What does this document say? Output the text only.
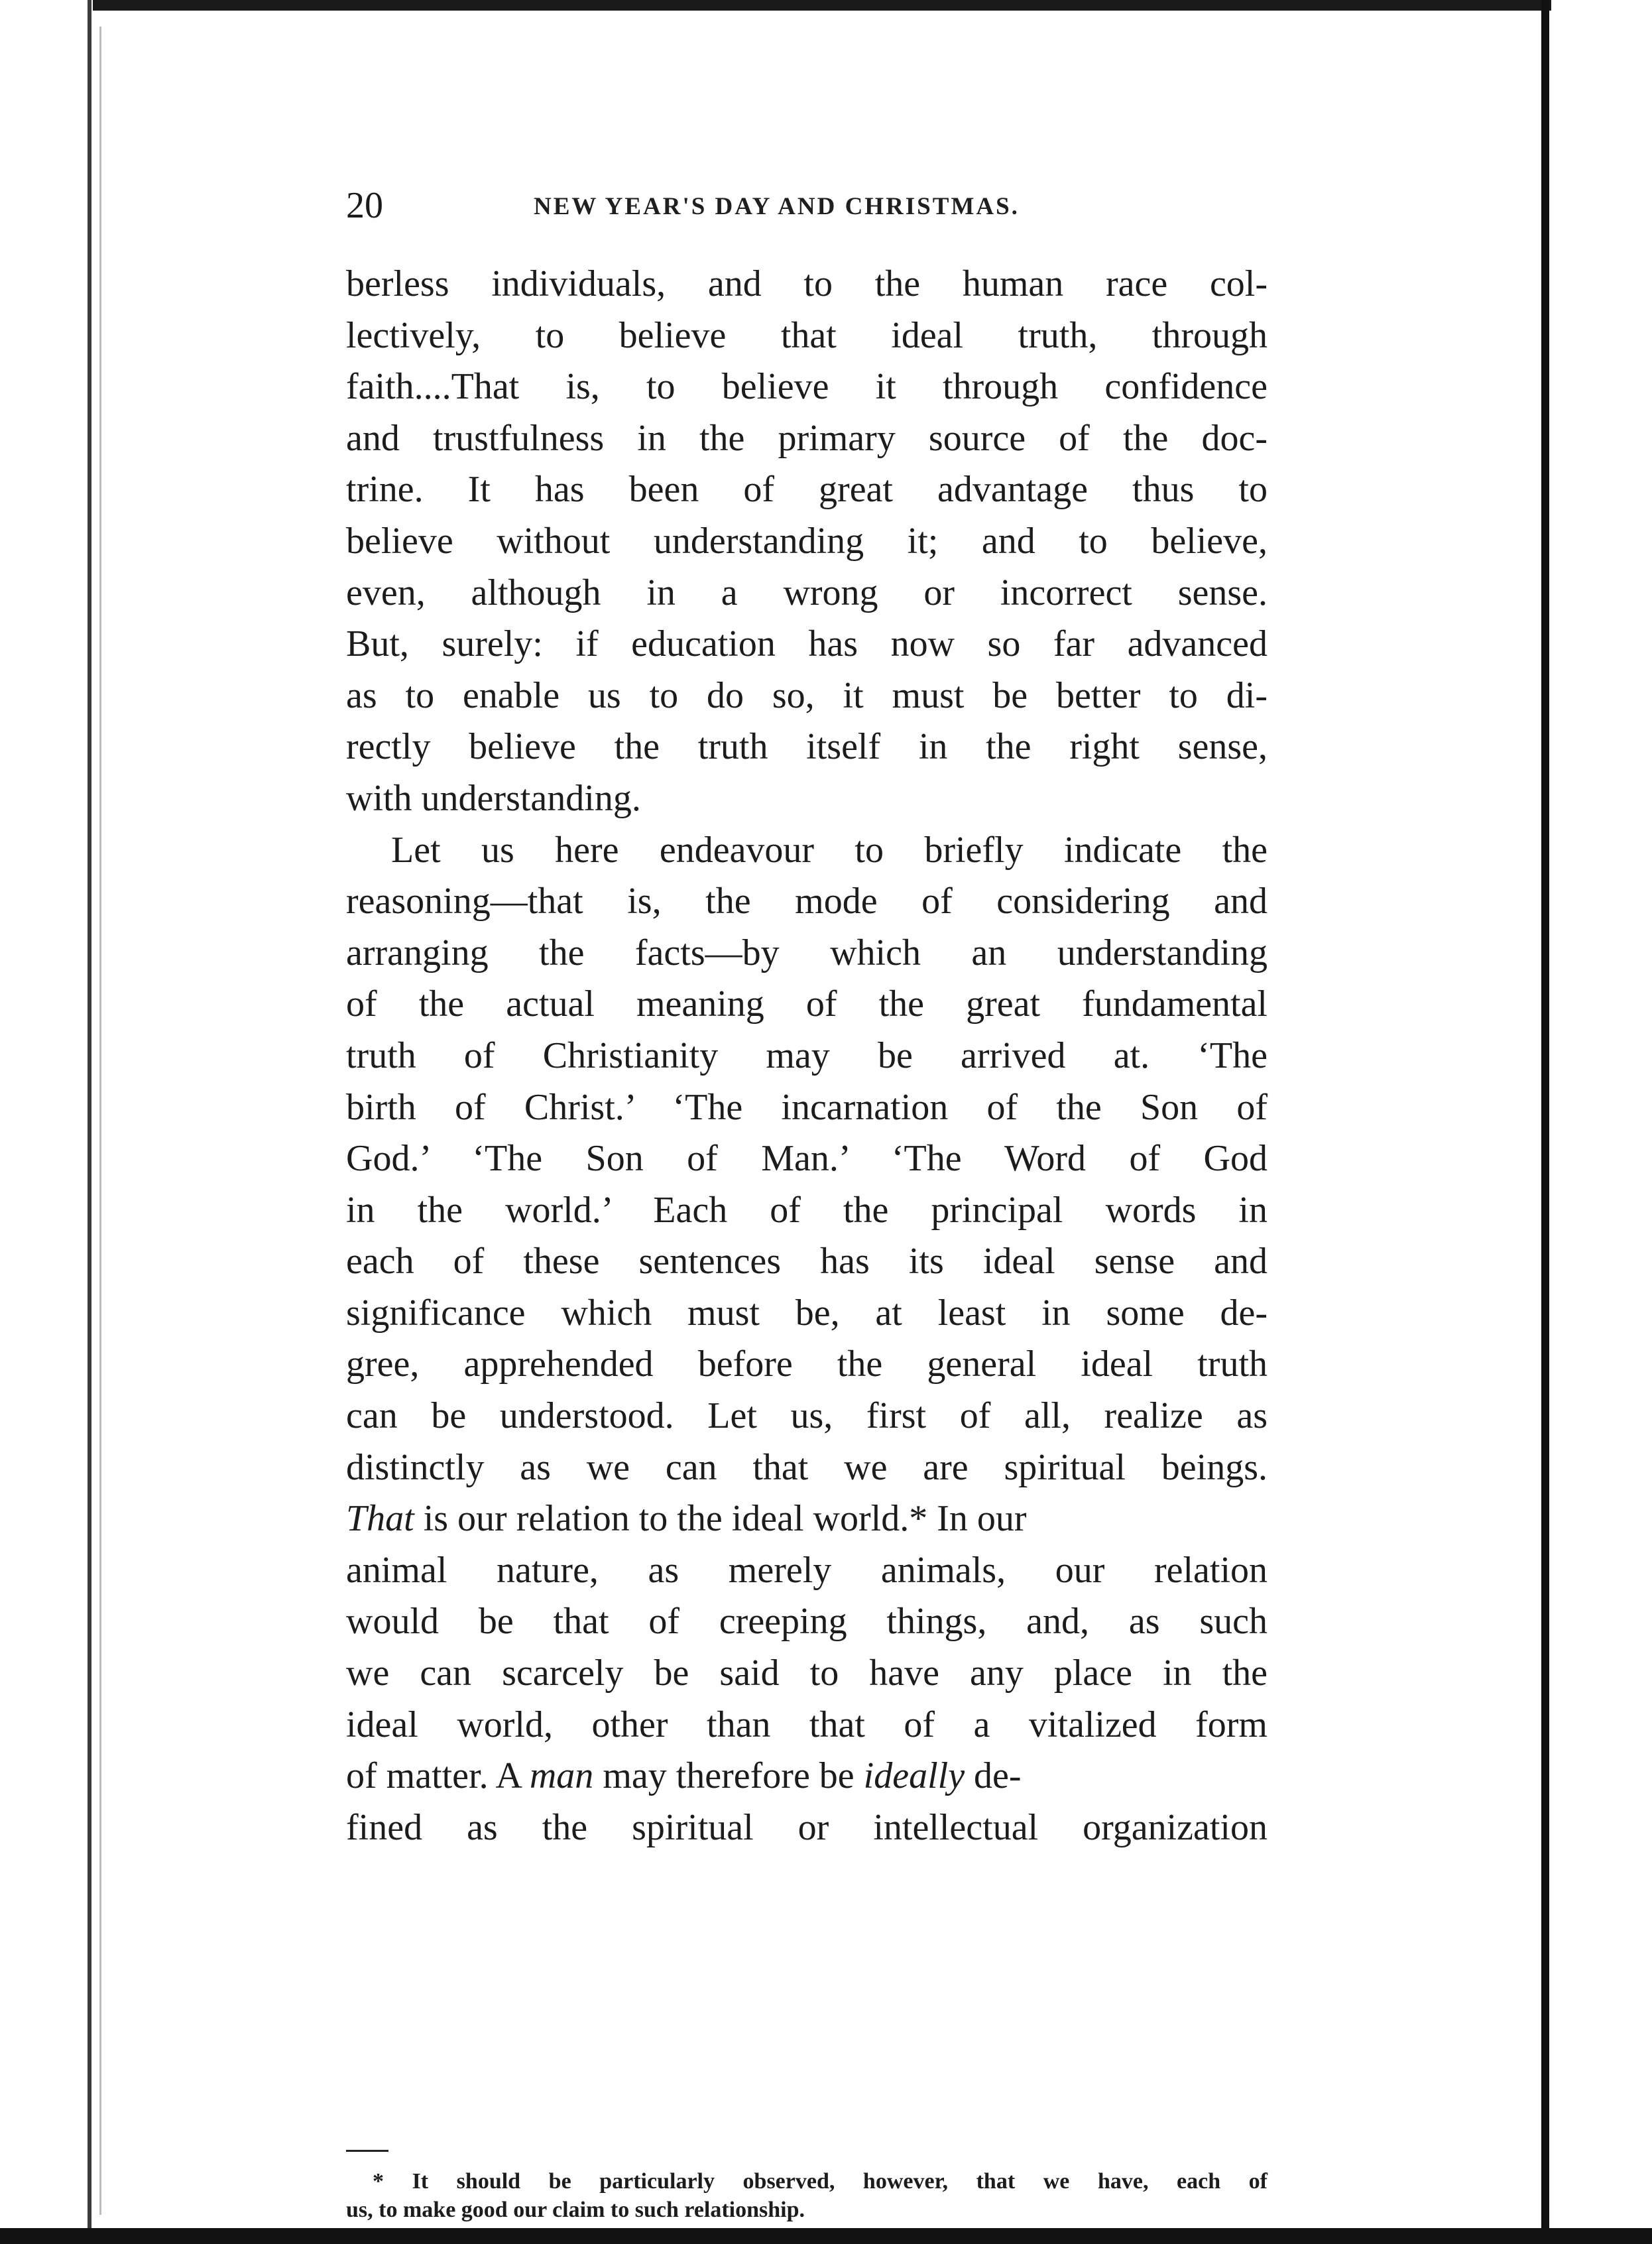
20	NEW YEAR'S DAY AND CHRISTMAS.
berless individuals, and to the human race col-
lectively, to believe that ideal truth, through
faith....That is, to believe it through confidence
and trustfulness in the primary source of the doc-
trine. It has been of great advantage thus to
believe without understanding it; and to believe,
even, although in a wrong or incorrect sense.
But, surely: if education has now so far advanced
as to enable us to do so, it must be better to di-
rectly believe the truth itself in the right sense,
with understanding.
Let us here endeavour to briefly indicate the
reasoning—that is, the mode of considering and
arranging the facts—by which an understanding
of the actual meaning of the great fundamental
truth of Christianity may be arrived at. ‘The
birth of Christ.’ ‘The incarnation of the Son of
God.’ ‘The Son of Man.’ ‘The Word of God
in the world.’ Each of the principal words in
each of these sentences has its ideal sense and
significance which must be, at least in some de-
gree, apprehended before the general ideal truth
can be understood. Let us, first of all, realize as
distinctly as we can that we are spiritual beings.
That is our relation to the ideal world.* In our
animal nature, as merely animals, our relation
would be that of creeping things, and, as such
we can scarcely be said to have any place in the
ideal world, other than that of a vitalized form
of matter. A man may therefore be ideally de-
fined as the spiritual or intellectual organization
* It should be particularly observed, however, that we have, each of
us, to make good our claim to such relationship.
